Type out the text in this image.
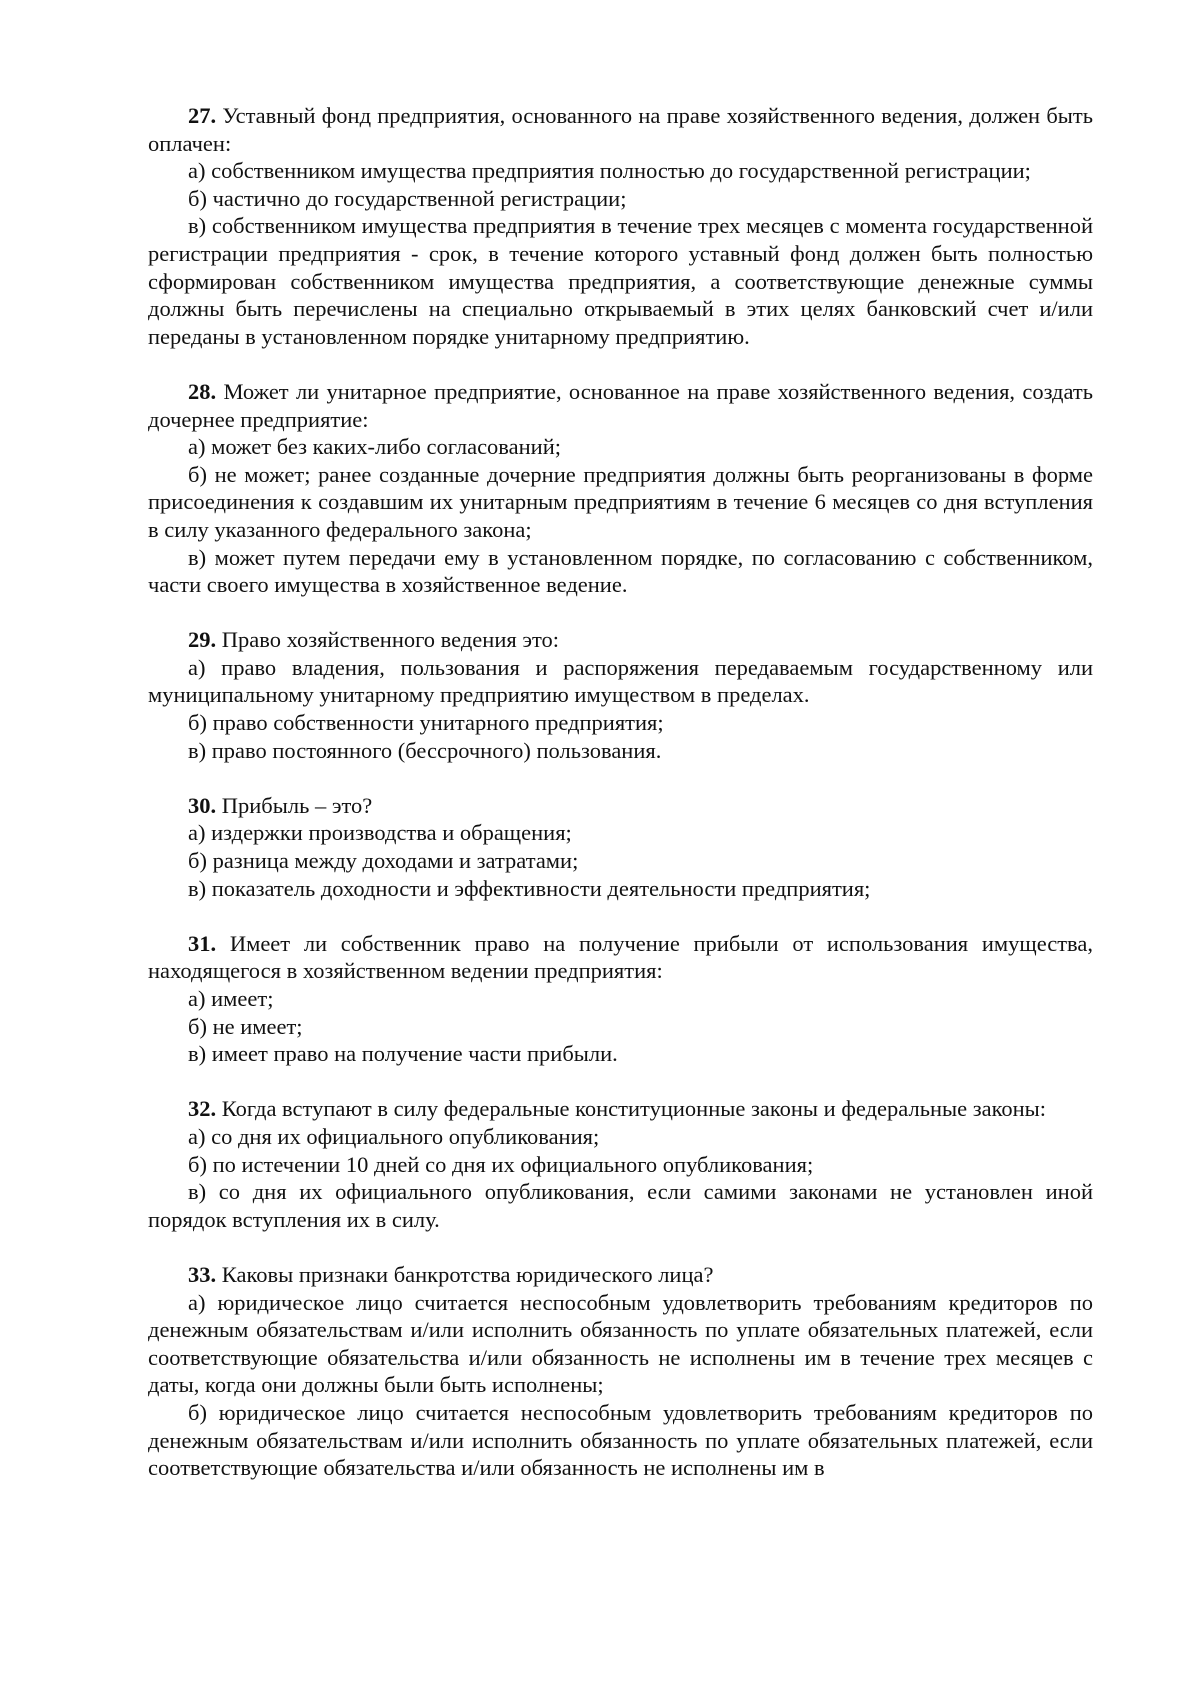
27. Уставный фонд предприятия, основанного на праве хозяйственного ведения, должен быть оплачен:

а) собственником имущества предприятия полностью до государственной регистрации;

б) частично до государственной регистрации;

в) собственником имущества предприятия в течение трех месяцев с момента государственной регистрации предприятия - срок, в течение которого уставный фонд должен быть полностью сформирован собственником имущества предприятия, а соответствующие денежные суммы должны быть перечислены на специально открываемый в этих целях банковский счет и/или переданы в установленном порядке унитарному предприятию.

28. Может ли унитарное предприятие, основанное на праве хозяйственного ведения, создать дочернее предприятие:

а) может без каких-либо согласований;

б) не может; ранее созданные дочерние предприятия должны быть реорганизованы в форме присоединения к создавшим их унитарным предприятиям в течение 6 месяцев со дня вступления в силу указанного федерального закона;

в) может путем передачи ему в установленном порядке, по согласованию с собственником, части своего имущества в хозяйственное ведение.

29. Право хозяйственного ведения это:

а) право владения, пользования и распоряжения передаваемым государственному или муниципальному унитарному предприятию имуществом в пределах.

б) право собственности унитарного предприятия;

в) право постоянного (бессрочного) пользования.

30. Прибыль – это?

а) издержки производства и обращения;

б) разница между доходами и затратами;

в) показатель доходности и эффективности деятельности предприятия;

31. Имеет ли собственник право на получение прибыли от использования имущества, находящегося в хозяйственном ведении предприятия:

а) имеет;

б) не имеет;

в) имеет право на получение части прибыли.

32. Когда вступают в силу федеральные конституционные законы и федеральные законы:

а) со дня их официального опубликования;

б) по истечении 10 дней со дня их официального опубликования;

в) со дня их официального опубликования, если самими законами не установлен иной порядок вступления их в силу.

33. Каковы признаки банкротства юридического лица?

а) юридическое лицо считается неспособным удовлетворить требованиям кредиторов по денежным обязательствам и/или исполнить обязанность по уплате обязательных платежей, если соответствующие обязательства и/или обязанность не исполнены им в течение трех месяцев с даты, когда они должны были быть исполнены;

б) юридическое лицо считается неспособным удовлетворить требованиям кредиторов по денежным обязательствам и/или исполнить обязанность по уплате обязательных платежей, если соответствующие обязательства и/или обязанность не исполнены им в
